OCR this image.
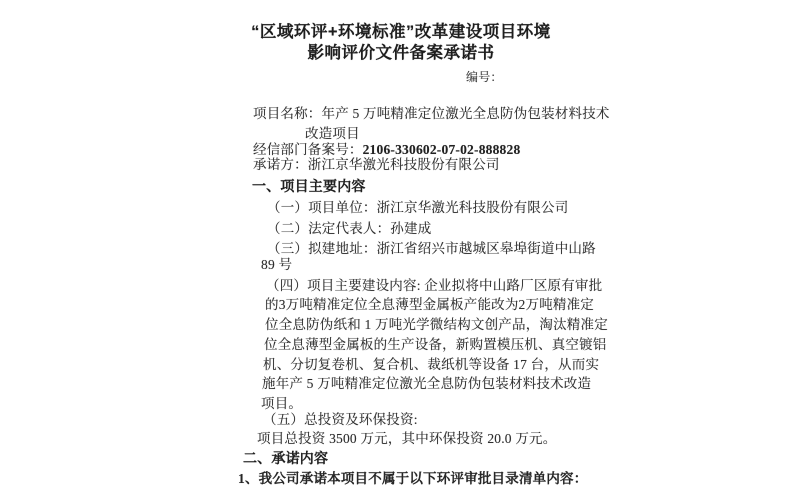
“区域环评+环境标准”改革建设项目环境
影响评价文件备案承诺书
编号：
项目名称：年产 5 万吨精准定位激光全息防伪包装材料技术
改造项目
经信部门备案号：2106-330602-07-02-888828
承诺方：浙江京华激光科技股份有限公司
一、项目主要内容
（一）项目单位：浙江京华激光科技股份有限公司
（二）法定代表人：孙建成
（三）拟建地址：浙江省绍兴市越城区皋埠街道中山路
89 号
（四）项目主要建设内容: 企业拟将中山路厂区原有审批
的3万吨精准定位全息薄型金属板产能改为2万吨精准定
位全息防伪纸和 1 万吨光学微结构文创产品，淘汰精准定
位全息薄型金属板的生产设备，新购置模压机、真空镀铝
机、分切复卷机、复合机、裁纸机等设备 17 台，从而实
施年产 5 万吨精准定位激光全息防伪包装材料技术改造
项目。
（五）总投资及环保投资:
项目总投资 3500 万元，其中环保投资 20.0 万元。
二、承诺内容
1、我公司承诺本项目不属于以下环评审批目录清单内容：
